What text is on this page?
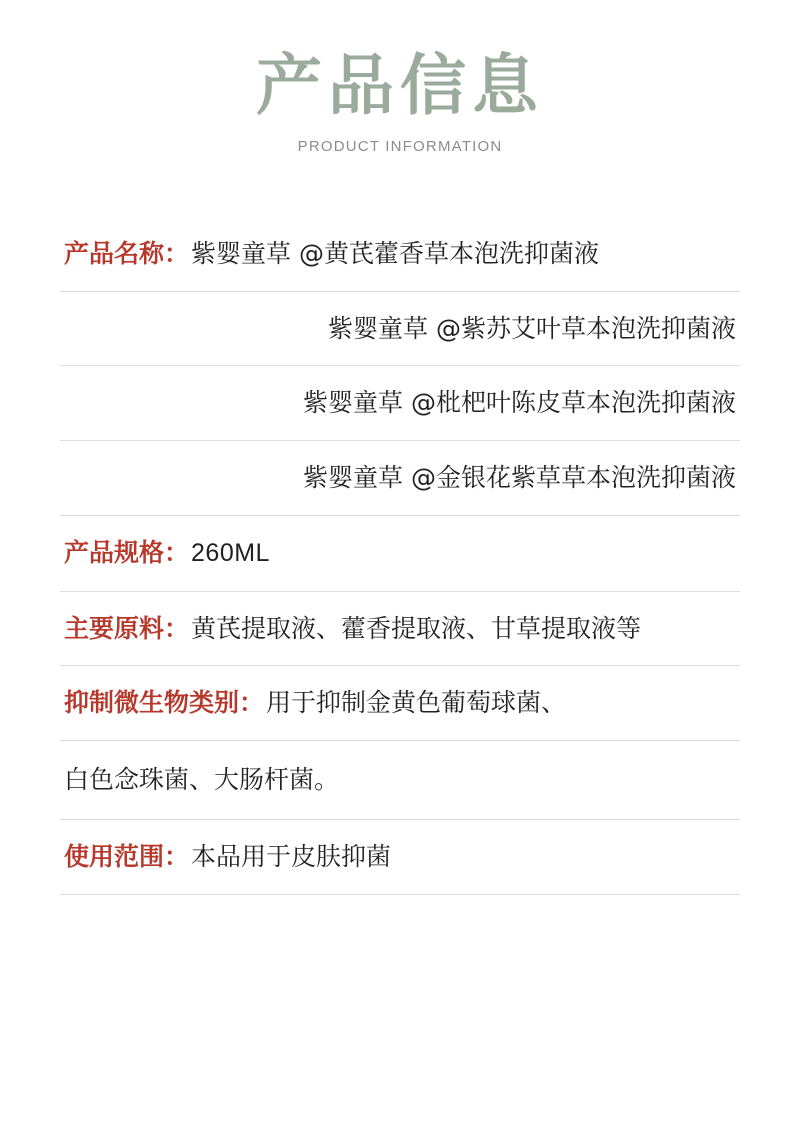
产品信息
PRODUCT INFORMATION
产品名称： 紫婴童草 @黄芪藿香草本泡洗抑菌液
紫婴童草 @紫苏艾叶草本泡洗抑菌液
紫婴童草 @枇杷叶陈皮草本泡洗抑菌液
紫婴童草 @金银花紫草草本泡洗抑菌液
产品规格： 260ML
主要原料： 黄芪提取液、藿香提取液、甘草提取液等
抑制微生物类别： 用于抑制金黄色葡萄球菌、
白色念珠菌、大肠杆菌。
使用范围： 本品用于皮肤抑菌
